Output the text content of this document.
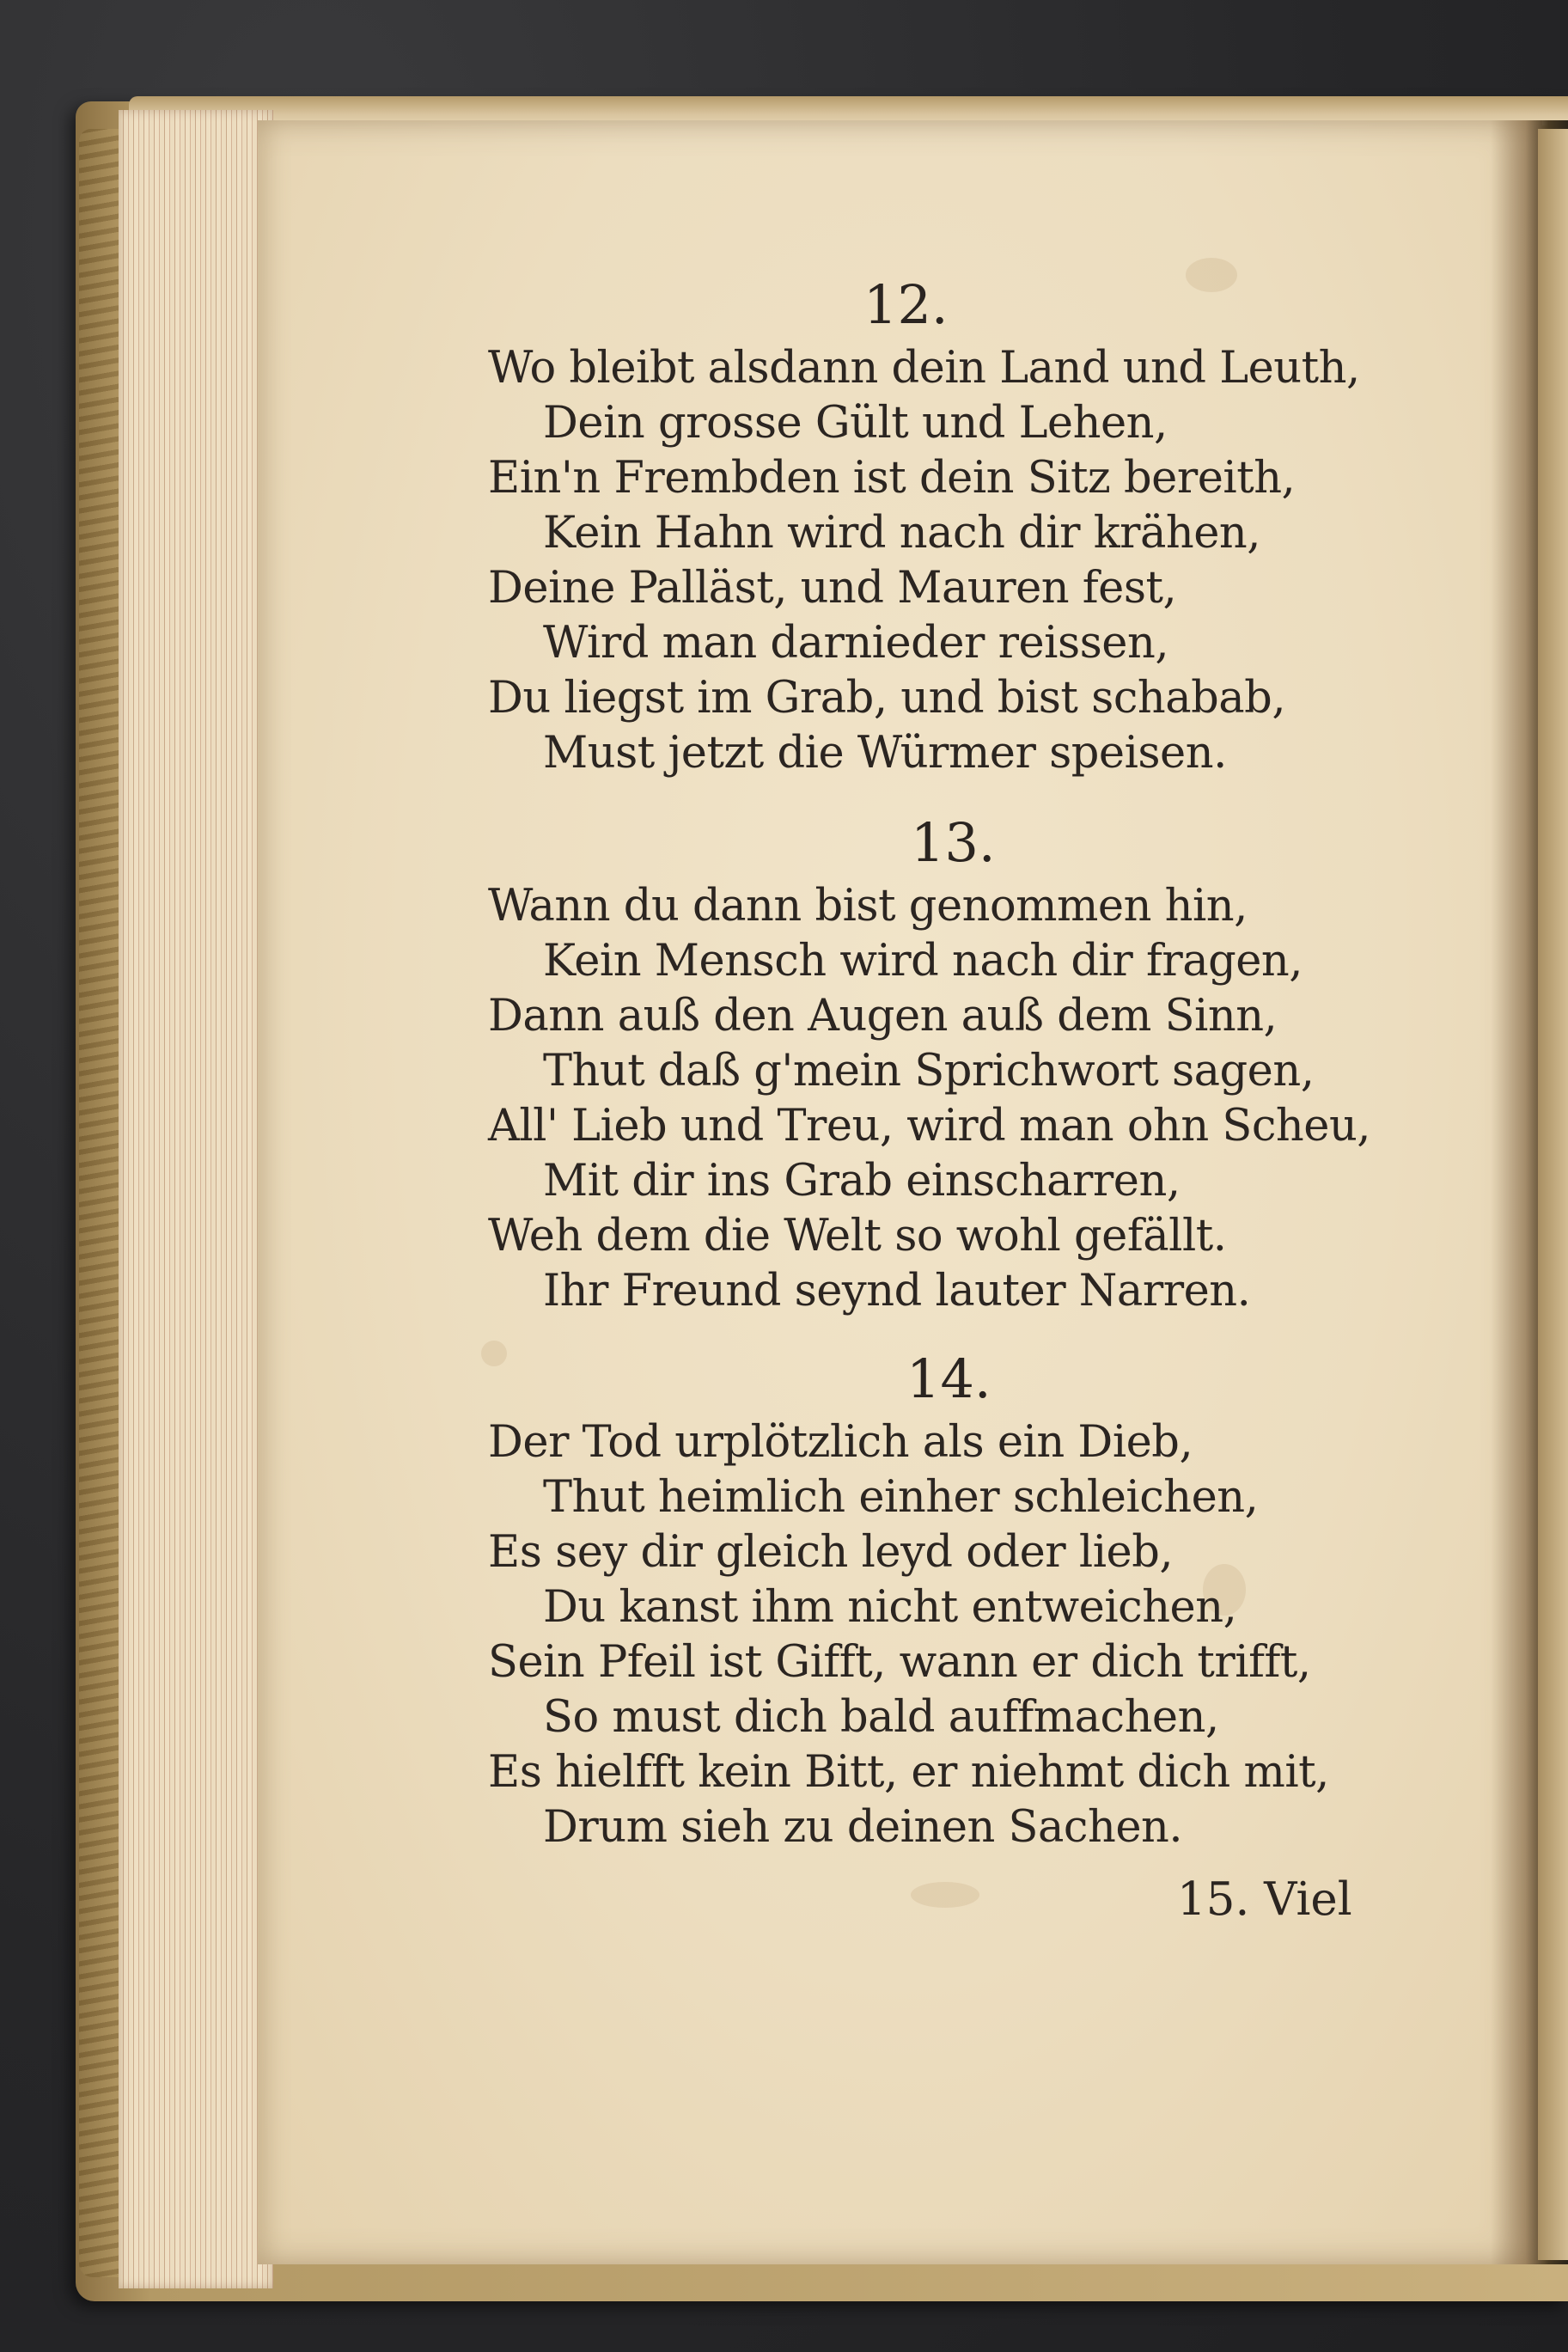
12.
Wo bleibt alsdann dein Land und Leuth,
Dein grosse Gült und Lehen,
Ein'n Frembden ist dein Sitz bereith,
Kein Hahn wird nach dir krähen,
Deine Palläst, und Mauren fest,
Wird man darnieder reissen,
Du liegst im Grab, und bist schabab,
Must jetzt die Würmer speisen.
13.
Wann du dann bist genommen hin,
Kein Mensch wird nach dir fragen,
Dann auß den Augen auß dem Sinn,
Thut daß g'mein Sprichwort sagen,
All' Lieb und Treu, wird man ohn Scheu,
Mit dir ins Grab einscharren,
Weh dem die Welt so wohl gefällt.
Ihr Freund seynd lauter Narren.
14.
Der Tod urplötzlich als ein Dieb,
Thut heimlich einher schleichen,
Es sey dir gleich leyd oder lieb,
Du kanst ihm nicht entweichen,
Sein Pfeil ist Gifft, wann er dich trifft,
So must dich bald auffmachen,
Es hielfft kein Bitt, er niehmt dich mit,
Drum sieh zu deinen Sachen.
15. Viel
